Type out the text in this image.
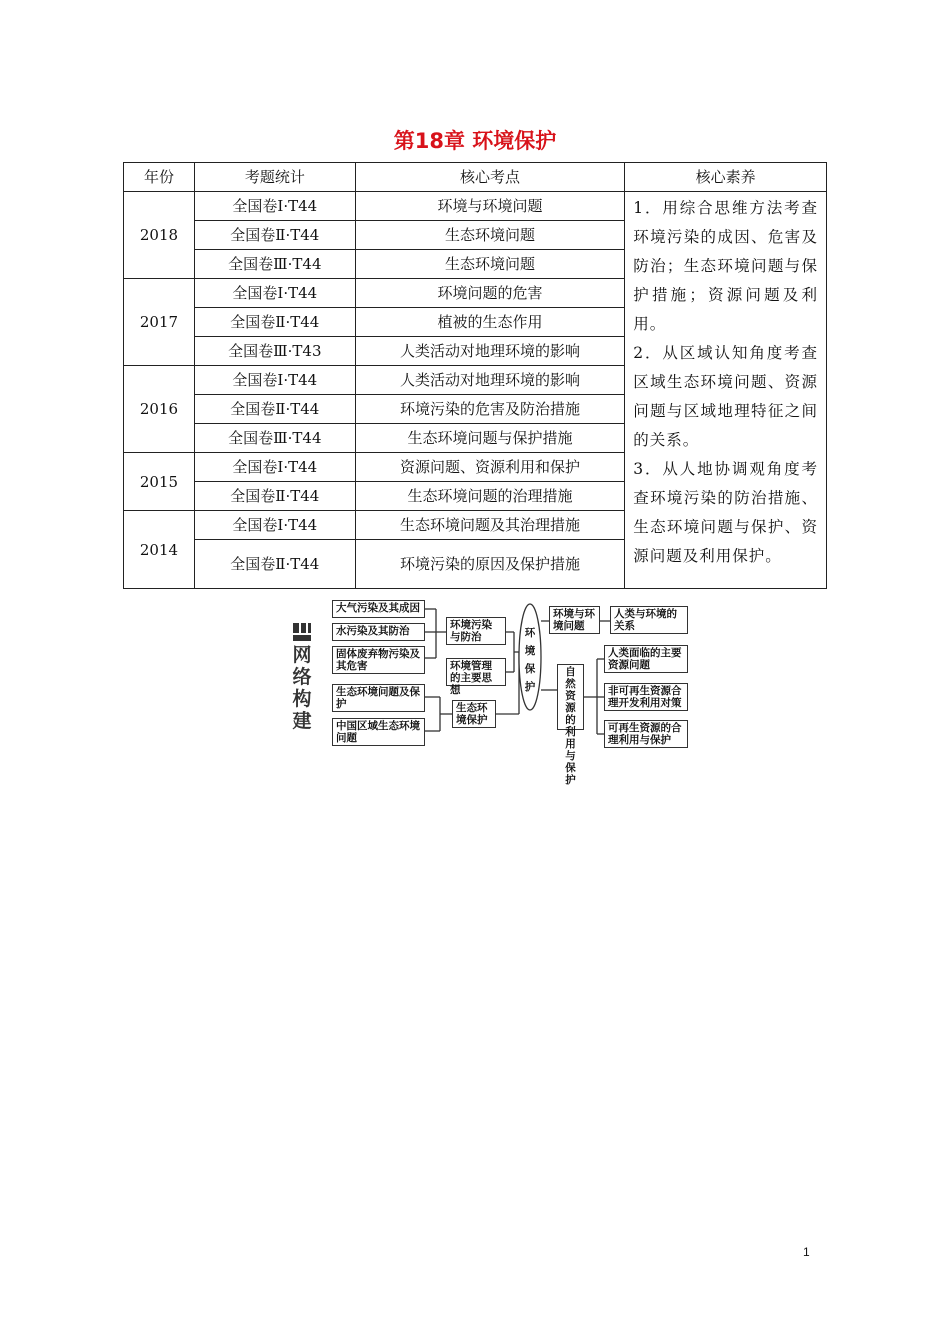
第18章 环境保护
年份	考题统计	核心考点	核心素养
2018	全国卷Ⅰ·T44	环境与环境问题	1．用综合思维方法考查环境污染的成因、危害及防治；生态环境问题与保护措施；资源问题及利用。
2．从区域认知角度考查区域生态环境问题、资源问题与区域地理特征之间的关系。
3．从人地协调观角度考查环境污染的防治措施、生态环境问题与保护、资源问题及利用保护。

	全国卷Ⅱ·T44	生态环境问题	
	全国卷Ⅲ·T44	生态环境问题	
2017	全国卷Ⅰ·T44	环境问题的危害	
	全国卷Ⅱ·T44	植被的生态作用	
	全国卷Ⅲ·T43	人类活动对地理环境的影响	
2016	全国卷Ⅰ·T44	人类活动对地理环境的影响	
	全国卷Ⅱ·T44	环境污染的危害及防治措施	
	全国卷Ⅲ·T44	生态环境问题与保护措施	
2015	全国卷Ⅰ·T44	资源问题、资源利用和保护	
	全国卷Ⅱ·T44	生态环境问题的治理措施	
2014	全国卷Ⅰ·T44	生态环境问题及其治理措施	
	全国卷Ⅱ·T44	环境污染的原因及保护措施	
网络构建
大气污染及其成因
水污染及其防治
固体废弃物污染及其危害
生态环境问题及保护
中国区域生态环境问题
环境污染与防治
环境管理的主要思想
生态环境保护
环境保护
环境与环境问题
自然资源的利用与保护
人类与环境的关系
人类面临的主要资源问题
非可再生资源合理开发利用对策
可再生资源的合理利用与保护
1
